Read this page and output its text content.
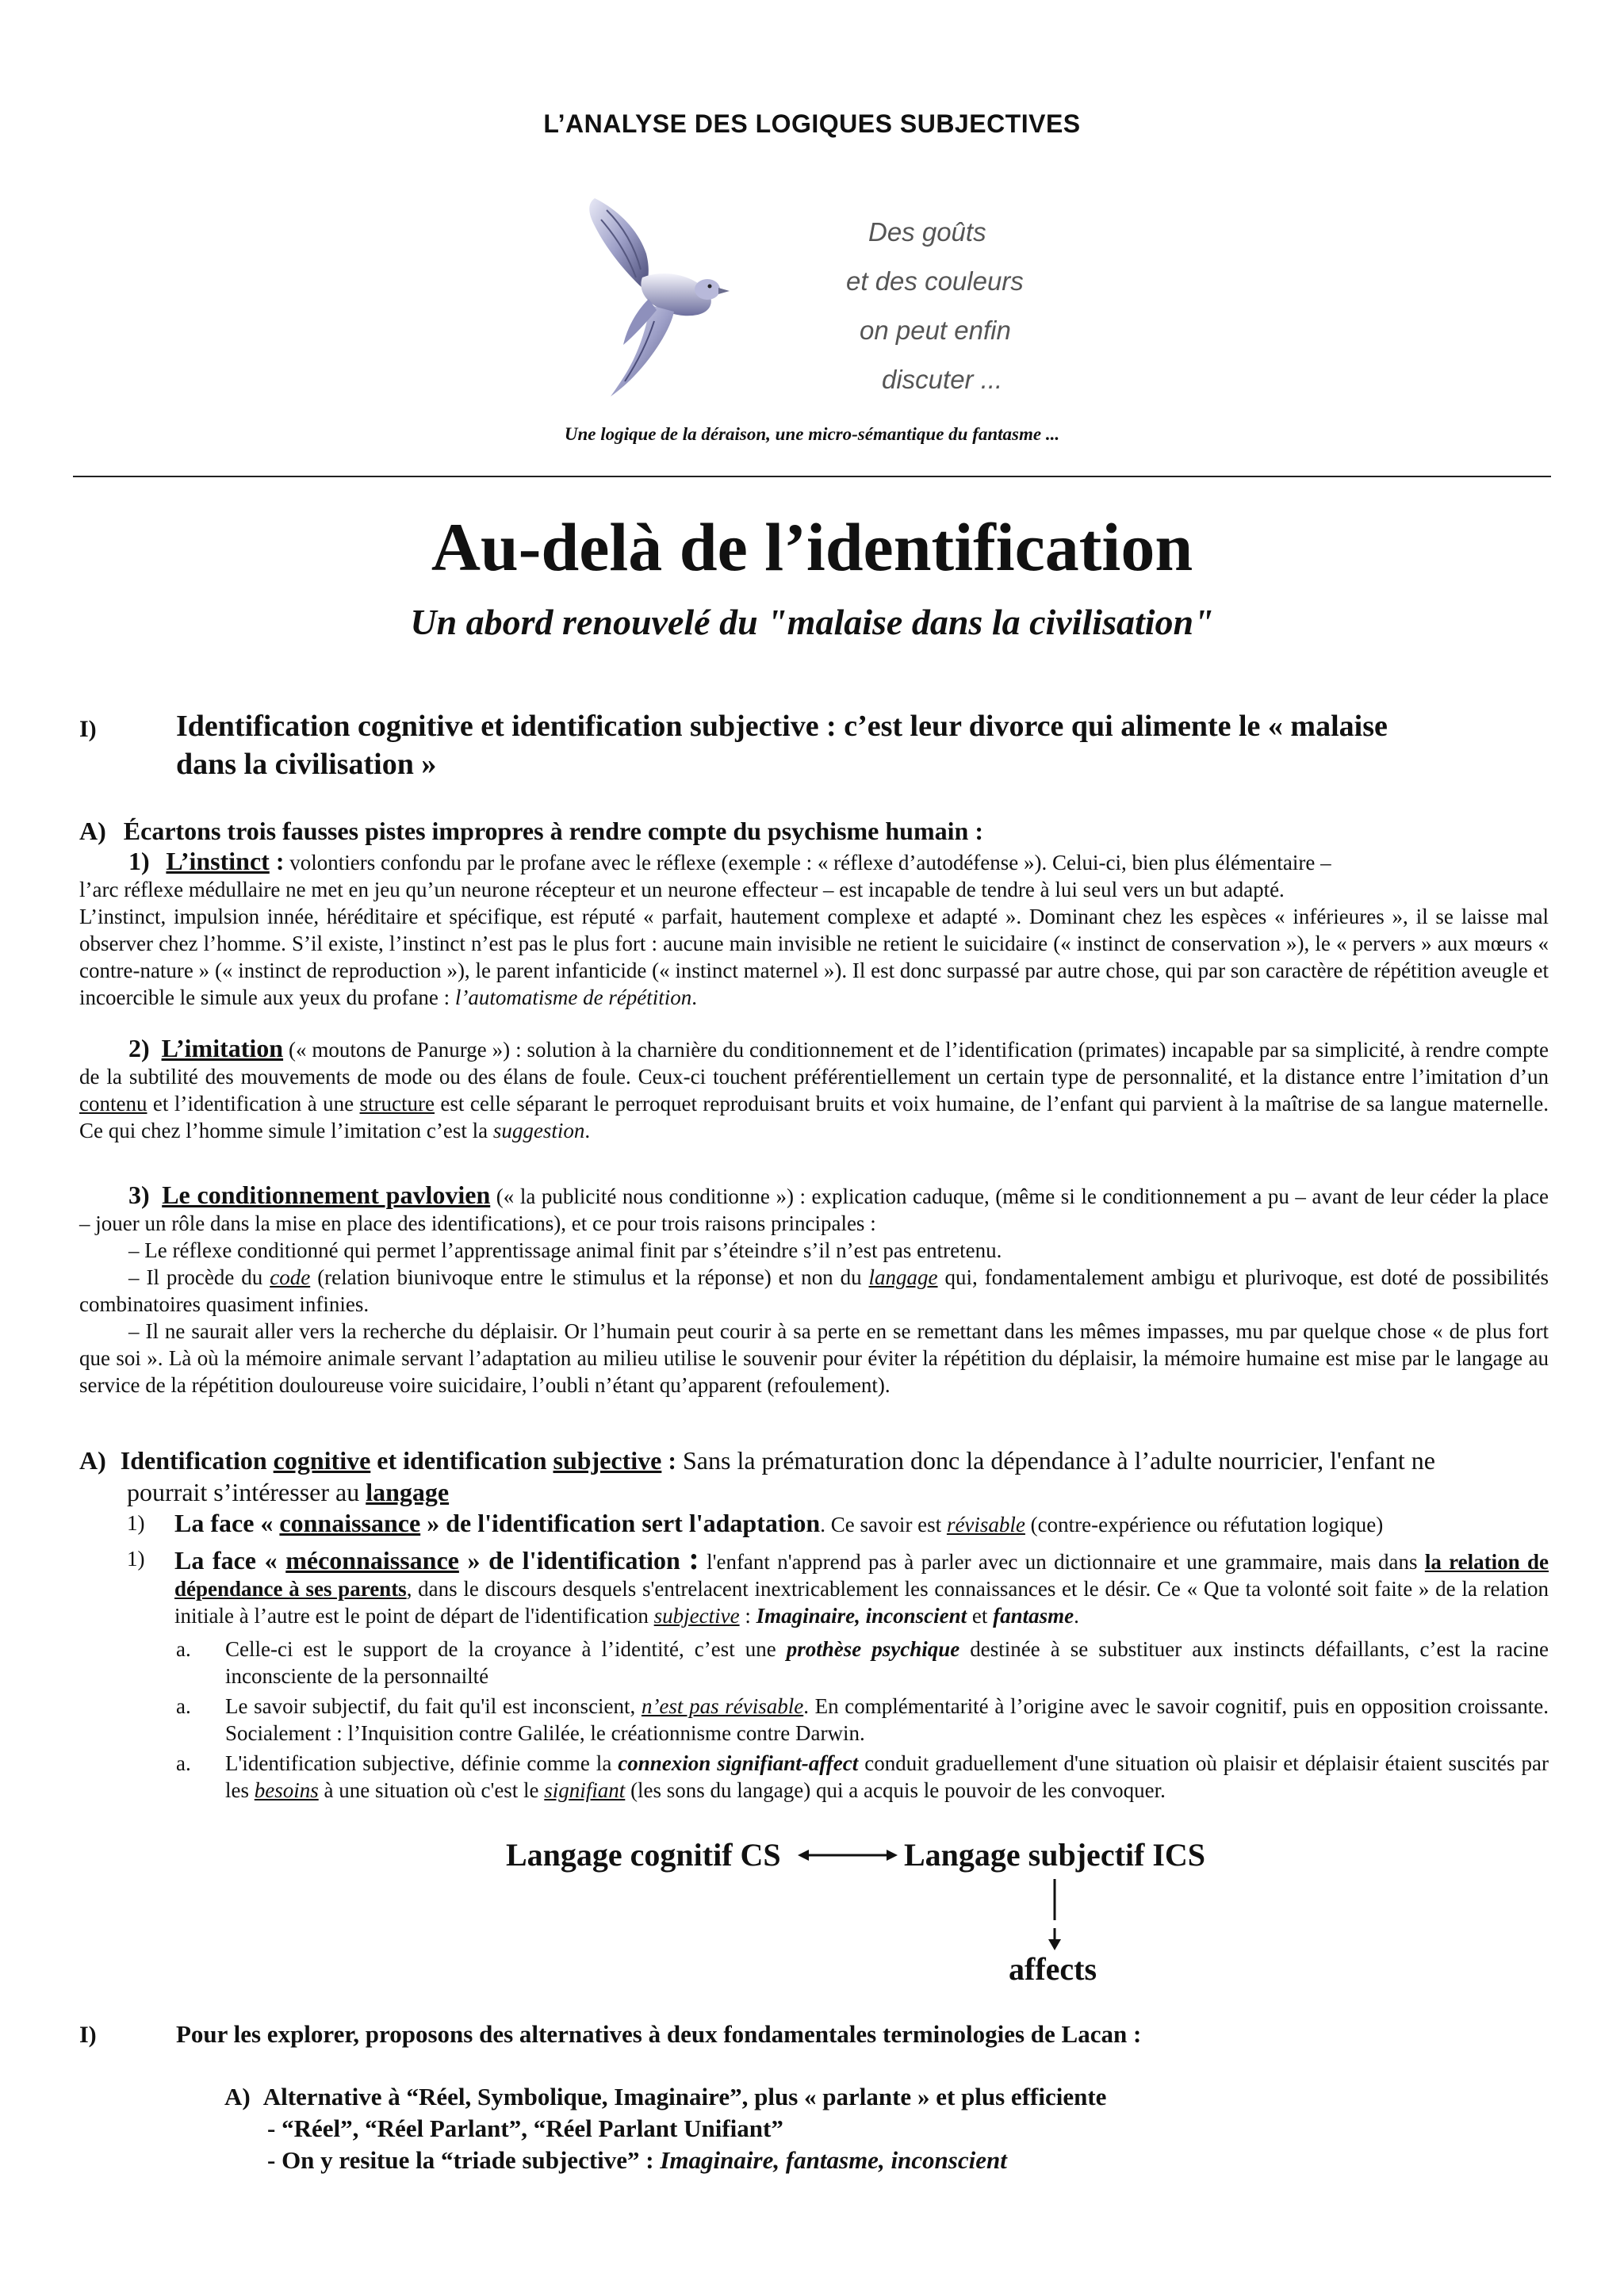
L’ANALYSE DES LOGIQUES SUBJECTIVES
Des goûts
et des couleurs
on peut enfin
discuter ...
Une logique de la déraison, une micro-sémantique du fantasme ...
Au-delà de l’identification
Un abord renouvelé du "malaise dans la civilisation"
I)	Identification cognitive et identification subjective : c’est leur divorce qui alimente le « malaise
dans la civilisation »
A) Écartons trois fausses pistes impropres à rendre compte du psychisme humain :
1) L’instinct : volontiers confondu par le profane avec le réflexe (exemple : « réflexe d’autodéfense »). Celui-ci, bien plus élémentaire –
l’arc réflexe médullaire ne met en jeu qu’un neurone récepteur et un neurone effecteur – est incapable de tendre à lui seul vers un but adapté.
L’instinct, impulsion innée, héréditaire et spécifique, est réputé « parfait, hautement complexe et adapté ». Dominant chez les espèces « inférieures », il se laisse mal observer chez l’homme. S’il existe, l’instinct n’est pas le plus fort : aucune main invisible ne retient le suicidaire (« instinct de conservation »), le « pervers » aux mœurs « contre-nature » (« instinct de reproduction »), le parent infanticide (« instinct maternel »). Il est donc surpassé par autre chose, qui par son caractère de répétition aveugle et incoercible le simule aux yeux du profane : l’automatisme de répétition.
2) L’imitation (« moutons de Panurge ») : solution à la charnière du conditionnement et de l’identification (primates) incapable par sa simplicité, à rendre compte de la subtilité des mouvements de mode ou des élans de foule. Ceux-ci touchent préférentiellement un certain type de personnalité, et la distance entre l’imitation d’un contenu et l’identification à une structure est celle séparant le perroquet reproduisant bruits et voix humaine, de l’enfant qui parvient à la maîtrise de sa langue maternelle. Ce qui chez l’homme simule l’imitation c’est la suggestion.
3) Le conditionnement pavlovien (« la publicité nous conditionne ») : explication caduque, (même si le conditionnement a pu – avant de leur céder la place – jouer un rôle dans la mise en place des identifications), et ce pour trois raisons principales :
– Le réflexe conditionné qui permet l’apprentissage animal finit par s’éteindre s’il n’est pas entretenu.
– Il procède du code (relation biunivoque entre le stimulus et la réponse) et non du langage qui, fondamentalement ambigu et plurivoque, est doté de possibilités combinatoires quasiment infinies.
– Il ne saurait aller vers la recherche du déplaisir. Or l’humain peut courir à sa perte en se remettant dans les mêmes impasses, mu par quelque chose « de plus fort que soi ». Là où la mémoire animale servant l’adaptation au milieu utilise le souvenir pour éviter la répétition du déplaisir, la mémoire humaine est mise par le langage au service de la répétition douloureuse voire suicidaire, l’oubli n’étant qu’apparent (refoulement).
A) Identification cognitive et identification subjective : Sans la prématuration donc la dépendance à l’adulte nourricier, l'enfant ne
pourrait s’intéresser au langage
1) La face « connaissance » de l'identification sert l'adaptation. Ce savoir est révisable (contre-expérience ou réfutation logique)
1) La face « méconnaissance » de l'identification : l'enfant n'apprend pas à parler avec un dictionnaire et une grammaire, mais dans la relation de dépendance à ses parents, dans le discours desquels s'entrelacent inextricablement les connaissances et le désir. Ce « Que ta volonté soit faite » de la relation initiale à l’autre est le point de départ de l'identification subjective : Imaginaire, inconscient et fantasme.
a. Celle-ci est le support de la croyance à l’identité, c’est une prothèse psychique destinée à se substituer aux instincts défaillants, c’est la racine inconsciente de la personnailté
a. Le savoir subjectif, du fait qu'il est inconscient, n’est pas révisable. En complémentarité à l’origine avec le savoir cognitif, puis en opposition croissante. Socialement : l’Inquisition contre Galilée, le créationnisme contre Darwin.
a. L'identification subjective, définie comme la connexion signifiant-affect conduit graduellement d'une situation où plaisir et déplaisir étaient suscités par les besoins à une situation où c'est le signifiant (les sons du langage) qui a acquis le pouvoir de les convoquer.
Langage cognitif CS	Langage subjectif ICS
affects
I)	Pour les explorer, proposons des alternatives à deux fondamentales terminologies de Lacan :
A) Alternative à “Réel, Symbolique, Imaginaire”, plus « parlante » et plus efficiente
- “Réel”, “Réel Parlant”, “Réel Parlant Unifiant”
- On y resitue la “triade subjective” : Imaginaire, fantasme, inconscient
